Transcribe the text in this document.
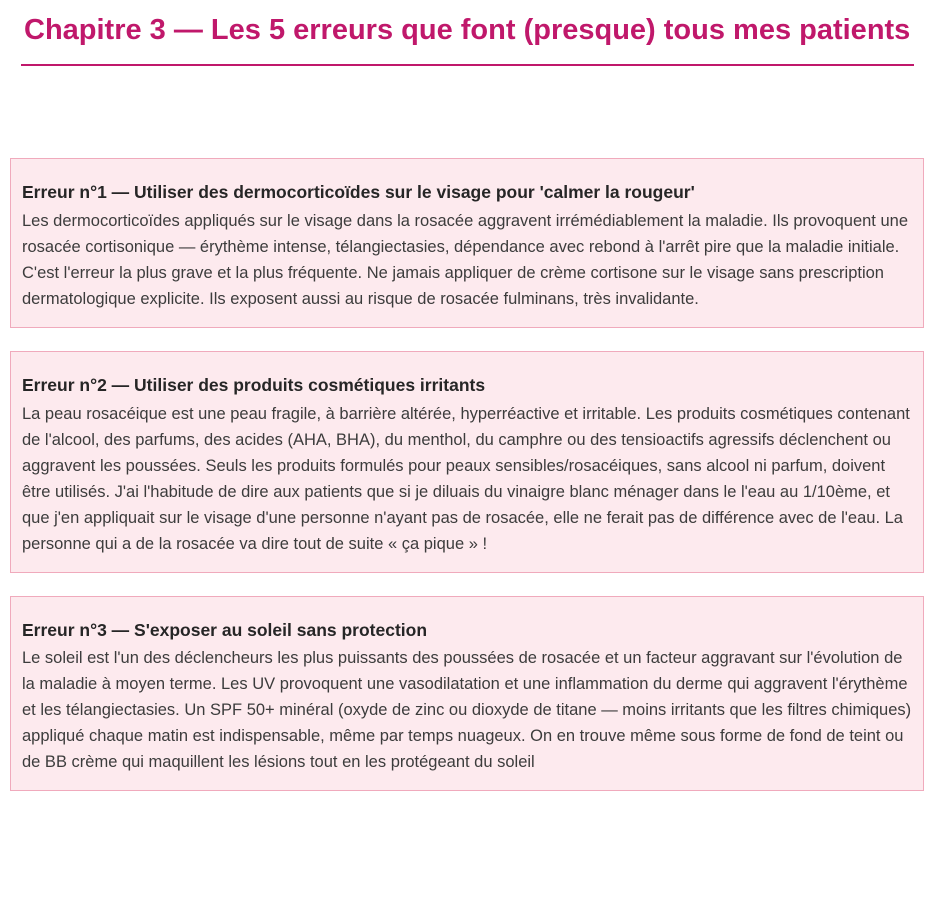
Chapitre 3 — Les 5 erreurs que font (presque) tous mes patients
Erreur n°1 — Utiliser des dermocorticoïdes sur le visage pour 'calmer la rougeur'

Les dermocorticoïdes appliqués sur le visage dans la rosacée aggravent irrémédiablement la maladie. Ils provoquent une rosacée cortisonique — érythème intense, télangiectasies, dépendance avec rebond à l'arrêt pire que la maladie initiale. C'est l'erreur la plus grave et la plus fréquente. Ne jamais appliquer de crème cortisone sur le visage sans prescription dermatologique explicite. Ils exposent aussi au risque de rosacée fulminans, très invalidante.

Erreur n°2 — Utiliser des produits cosmétiques irritants

La peau rosacéique est une peau fragile, à barrière altérée, hyperréactive et irritable. Les produits cosmétiques contenant de l'alcool, des parfums, des acides (AHA, BHA), du menthol, du camphre ou des tensioactifs agressifs déclenchent ou aggravent les poussées. Seuls les produits formulés pour peaux sensibles/rosacéiques, sans alcool ni parfum, doivent être utilisés. J'ai l'habitude de dire aux patients que si je diluais du vinaigre blanc ménager dans le l'eau au 1/10ème, et que j'en appliquait sur le visage d'une personne n'ayant pas de rosacée, elle ne ferait pas de différence avec de l'eau. La personne qui a de la rosacée va dire tout de suite « ça pique » !

Erreur n°3 — S'exposer au soleil sans protection

Le soleil est l'un des déclencheurs les plus puissants des poussées de rosacée et un facteur aggravant sur l'évolution de la maladie à moyen terme. Les UV provoquent une vasodilatation et une inflammation du derme qui aggravent l'érythème et les télangiectasies. Un SPF 50+ minéral (oxyde de zinc ou dioxyde de titane — moins irritants que les filtres chimiques) appliqué chaque matin est indispensable, même par temps nuageux. On en trouve même sous forme de fond de teint ou de BB crème qui maquillent les lésions tout en les protégeant du soleil
